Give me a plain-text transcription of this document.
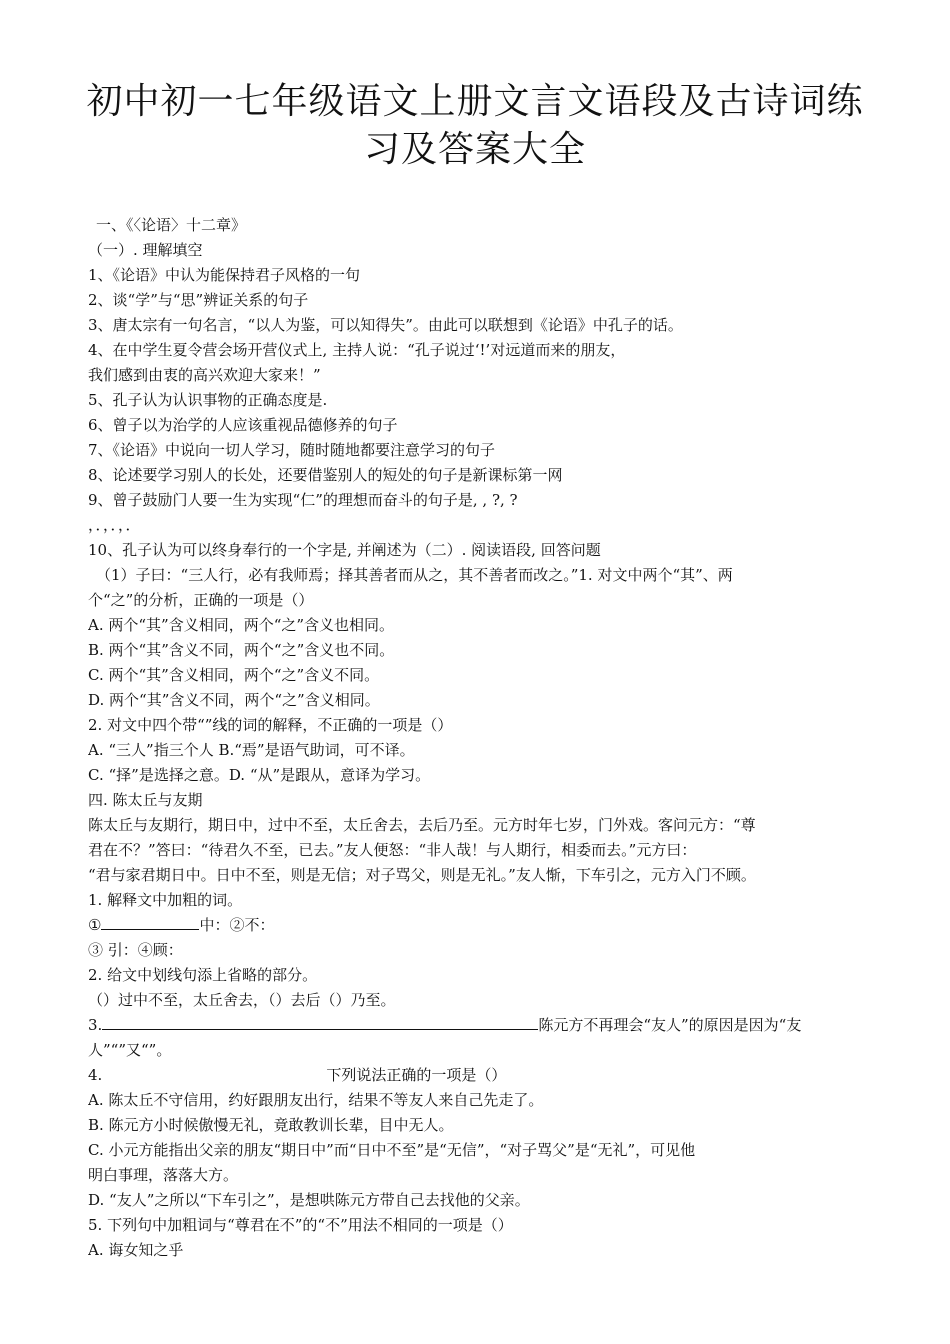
初中初一七年级语文上册文言文语段及古诗词练
习及答案大全
一、《〈论语〉十二章》
（一）. 理解填空
1、《论语》中认为能保持君子风格的一句
2、谈“学”与“思”辨证关系的句子
3、唐太宗有一句名言，“以人为鉴，可以知得失”。由此可以联想到《论语》中孔子的话。
4、在中学生夏令营会场开营仪式上, 主持人说：“孔子说过‘!’对远道而来的朋友，
我们感到由衷的高兴欢迎大家来！”
5、孔子认为认识事物的正确态度是.
6、曾子以为治学的人应该重视品德修养的句子
7、《论语》中说向一切人学习，随时随地都要注意学习的句子
8、论述要学习别人的长处，还要借鉴别人的短处的句子是新课标第一网
9、曾子鼓励门人要一生为实现“仁”的理想而奋斗的句子是, , ?, ?
，．，．，．
10、孔子认为可以终身奉行的一个字是, 并阐述为（二）. 阅读语段, 回答问题
（1）子曰：“三人行，必有我师焉；择其善者而从之，其不善者而改之。”1. 对文中两个“其”、两
个“之”的分析，正确的一项是（）
A. 两个“其”含义相同，两个“之”含义也相同。
B. 两个“其”含义不同，两个“之”含义也不同。
C. 两个“其”含义相同，两个“之”含义不同。
D. 两个“其”含义不同，两个“之”含义相同。
2. 对文中四个带“”线的词的解释，不正确的一项是（）
A. “三人”指三个人 B.“焉”是语气助词，可不译。
C. “择”是选择之意。D. “从”是跟从，意译为学习。
四. 陈太丘与友期
陈太丘与友期行，期日中，过中不至，太丘舍去，去后乃至。元方时年七岁，门外戏。客问元方：“尊
君在不？”答曰：“待君久不至，已去。”友人便怒：“非人哉！与人期行，相委而去。”元方曰：
“君与家君期日中。日中不至，则是无信；对子骂父，则是无礼。”友人惭，下车引之，元方入门不顾。
1. 解释文中加粗的词。
①	中：②不：
③ 引：④顾：
2. 给文中划线句添上省略的部分。
（）过中不至，太丘舍去，（）去后（）乃至。
3.	陈元方不再理会“友人”的原因是因为“友
人”“”又“”。
4.	下列说法正确的一项是（）
A. 陈太丘不守信用，约好跟朋友出行，结果不等友人来自己先走了。
B. 陈元方小时候傲慢无礼，竟敢教训长辈，目中无人。
C. 小元方能指出父亲的朋友“期日中”而“日中不至”是“无信”，“对子骂父”是“无礼”，可见他
明白事理，落落大方。
D. “友人”之所以“下车引之”，是想哄陈元方带自己去找他的父亲。
5. 下列句中加粗词与“尊君在不”的“不”用法不相同的一项是（）
A. 诲女知之乎
